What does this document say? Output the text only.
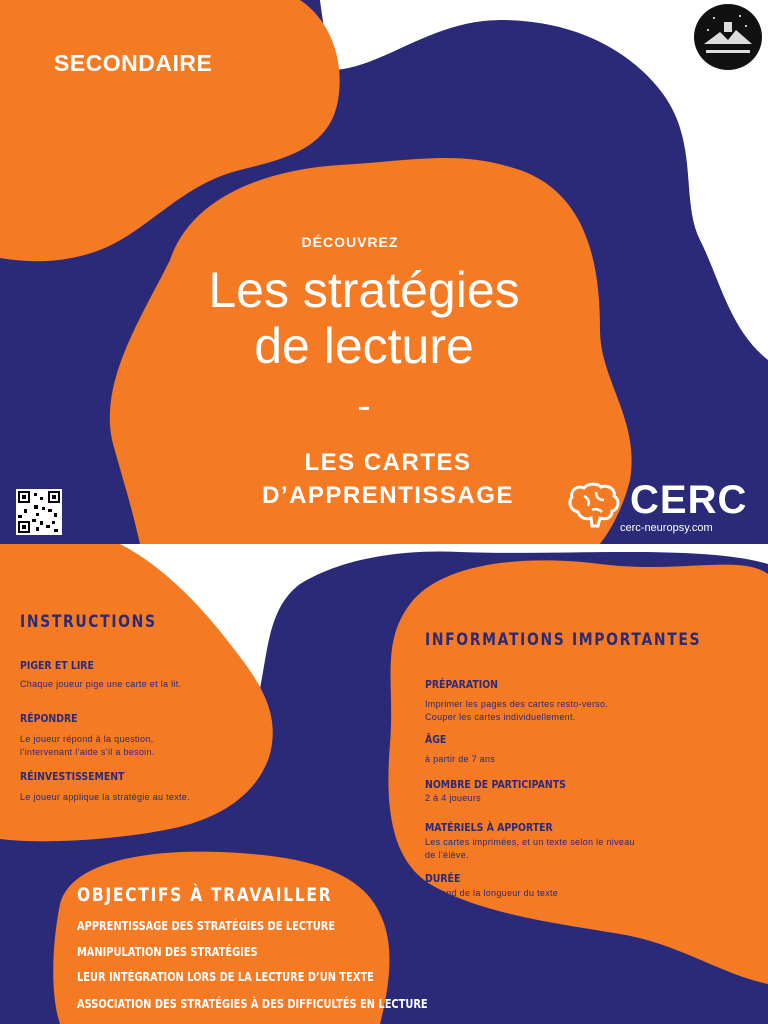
SECONDAIRE
DÉCOUVREZ
Les stratégies
de lecture
-
LES CARTES
D’APPRENTISSAGE	CERC
cerc-neuropsy.com
INSTRUCTIONS
PIGER ET LIRE
Chaque joueur pige une carte et la lit.
RÉPONDRE
Le joueur répond à la question,
l’intervenant l’aide s’il a besoin.
RÉINVESTISSEMENT
Le joueur applique la stratégie au texte.
INFORMATIONS IMPORTANTES
PRÉPARATION
Imprimer les pages des cartes resto-verso.
Couper les cartes individuellement.
ÂGE
à partir de 7 ans
NOMBRE DE PARTICIPANTS
2 à 4 joueurs
MATÉRIELS À APPORTER
Les cartes imprimées, et un texte selon le niveau
de l’élève.
DURÉE
dépend de la longueur du texte
OBJECTIFS À TRAVAILLER
APPRENTISSAGE DES STRATÉGIES DE LECTURE
MANIPULATION DES STRATÉGIES
LEUR INTÉGRATION LORS DE LA LECTURE D’UN TEXTE
ASSOCIATION DES STRATÉGIES À DES DIFFICULTÉS EN LECTURE
